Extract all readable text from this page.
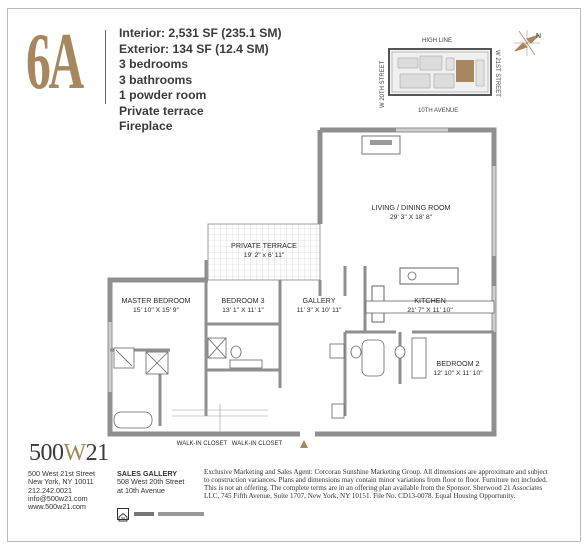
6A	Interior: 2,531 SF (235.1 SM)
Exterior: 134 SF (12.4 SM)
3 bedrooms
3 bathrooms
1 powder room
Private terrace
Fireplace
HIGH LINE
W 20TH STREET	W 21ST STREET
10TH AVENUE
N
LIVING / DINING ROOM
29' 3" X 18' 8"
PRIVATE TERRACE
19' 2" x 6' 11"
MASTER BEDROOM
15' 10" X 15' 9"
BEDROOM 3
13' 1" X 11' 1"
GALLERY
11' 3" X 10' 11"
KITCHEN
21' 7" X 11' 10"
BEDROOM 2
12' 10" X 11' 10"
WALK-IN CLOSET WALK-IN CLOSET
500W21
500 West 21st Street
New York, NY 10011
212.242.0021
info@500w21.com
www.500w21.com
SALES GALLERY
508 West 20th Street
at 10th Avenue
Exclusive Marketing and Sales Agent: Corcoran Sunshine Marketing Group. All dimensions are approximate and subject to construction variances. Plans and dimensions may contain minor variations from floor to floor. Furniture not included. This is not an offering. The complete terms are in an offering plan available from the Sponsor. Sherwood 21 Associates LLC, 745 Fifth Avenue, Suite 1707, New York, NY 10151. File No. CD13-0078. Equal Housing Opportunity.
